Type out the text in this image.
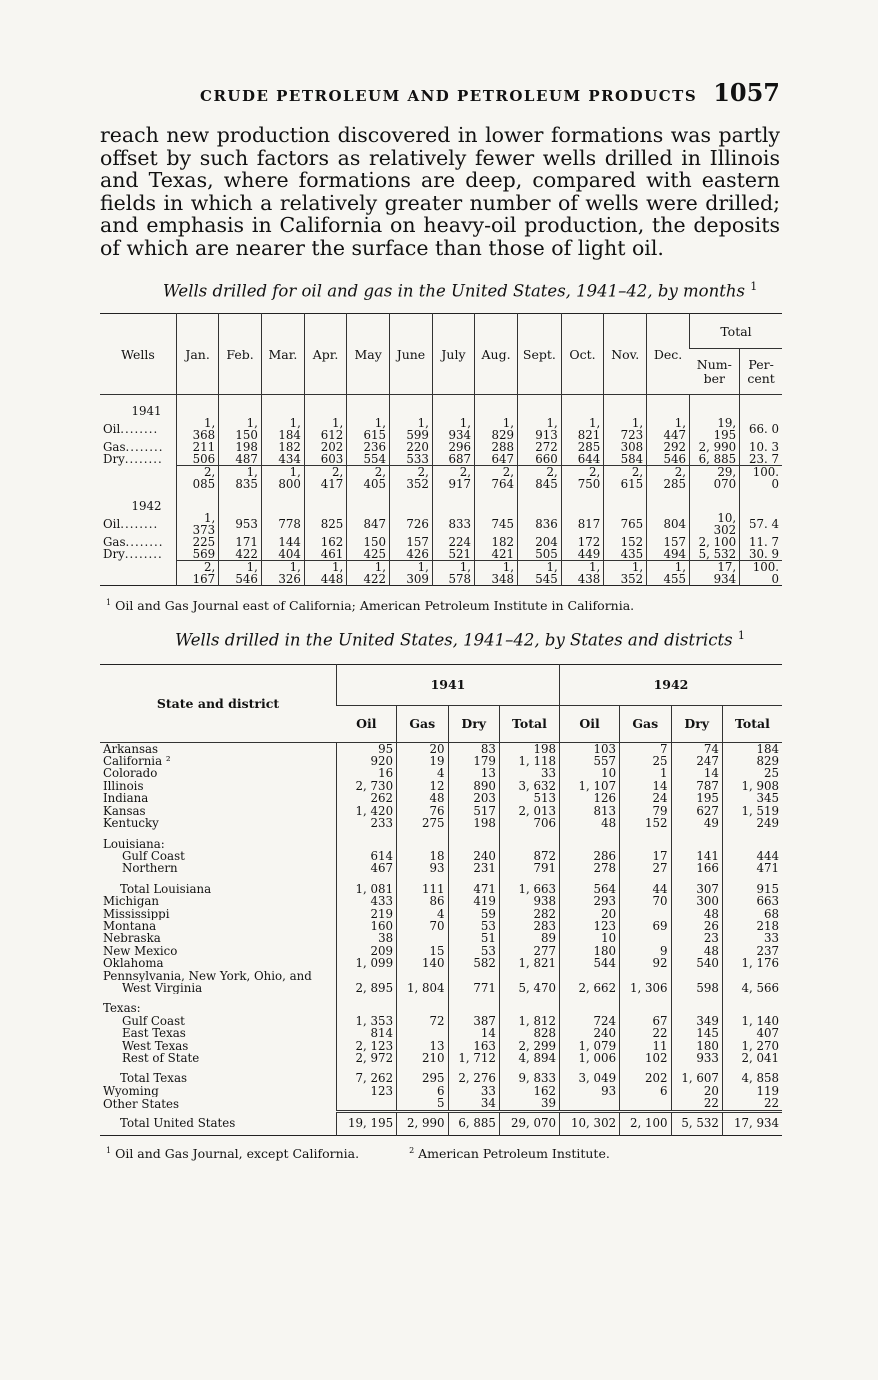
CRUDE PETROLEUM AND PETROLEUM PRODUCTS 1057

reach new production discovered in lower formations was partly offset by such factors as relatively fewer wells drilled in Illinois and Texas, where formations are deep, compared with eastern fields in which a relatively greater number of wells were drilled; and emphasis in California on heavy-oil production, the deposits of which are nearer the surface than those of light oil.

Wells drilled for oil and gas in the United States, 1941–42, by months $^1$
Wells	Jan.	Feb.	Mar.	Apr.	May	June	July	Aug.	Sept.	Oct.	Nov.	Dec.	Total	
													Num-
ber	Per-
cent

1941														
Oil ........	1, 368	1, 150	1, 184	1, 612	1, 615	1, 599	1, 934	1, 829	1, 913	1, 821	1, 723	1, 447	19, 195	66. 0
Gas ........	211	198	182	202	236	220	296	288	272	285	308	292	2, 990	10. 3
Dry ........	506	487	434	603	554	533	687	647	660	644	584	546	6, 885	23. 7
	2, 085	1, 835	1, 800	2, 417	2, 405	2, 352	2, 917	2, 764	2, 845	2, 750	2, 615	2, 285	29, 070	100. 0

1942														
Oil ........	1, 373	953	778	825	847	726	833	745	836	817	765	804	10, 302	57. 4
Gas ........	225	171	144	162	150	157	224	182	204	172	152	157	2, 100	11. 7
Dry ........	569	422	404	461	425	426	521	421	505	449	435	494	5, 532	30. 9
	2, 167	1, 546	1, 326	1, 448	1, 422	1, 309	1, 578	1, 348	1, 545	1, 438	1, 352	1, 455	17, 934	100. 0
$^1$ Oil and Gas Journal east of California; American Petroleum Institute in California.
Wells drilled in the United States, 1941–42, by States and districts $^1$
State and district	1941				1942			
	Oil	Gas	Dry	Total	Oil	Gas	Dry	Total
Arkansas	95	20	83	198	103	7	74	184
California ²	920	19	179	1, 118	557	25	247	829
Colorado	16	4	13	33	10	1	14	25
Illinois	2, 730	12	890	3, 632	1, 107	14	787	1, 908
Indiana	262	48	203	513	126	24	195	345
Kansas	1, 420	76	517	2, 013	813	79	627	1, 519
Kentucky	233	275	198	706	48	152	49	249

Louisiana:								
Gulf Coast	614	18	240	872	286	17	141	444
Northern	467	93	231	791	278	27	166	471

Total Louisiana	1, 081	111	471	1, 663	564	44	307	915
Michigan	433	86	419	938	293	70	300	663
Mississippi	219	4	59	282	20		48	68
Montana	160	70	53	283	123	69	26	218
Nebraska	38		51	89	10		23	33
New Mexico	209	15	53	277	180	9	48	237
Oklahoma	1, 099	140	582	1, 821	544	92	540	1, 176
Pennsylvania, New York, Ohio, and								
West Virginia	2, 895	1, 804	771	5, 470	2, 662	1, 306	598	4, 566

Texas:								
Gulf Coast	1, 353	72	387	1, 812	724	67	349	1, 140
East Texas	814		14	828	240	22	145	407
West Texas	2, 123	13	163	2, 299	1, 079	11	180	1, 270
Rest of State	2, 972	210	1, 712	4, 894	1, 006	102	933	2, 041

Total Texas	7, 262	295	2, 276	9, 833	3, 049	202	1, 607	4, 858
Wyoming	123	6	33	162	93	6	20	119
Other States		5	34	39			22	22
Total United States	19, 195	2, 990	6, 885	29, 070	10, 302	2, 100	5, 532	17, 934
$^1$ Oil and Gas Journal, except California.	$^2$ American Petroleum Institute.
